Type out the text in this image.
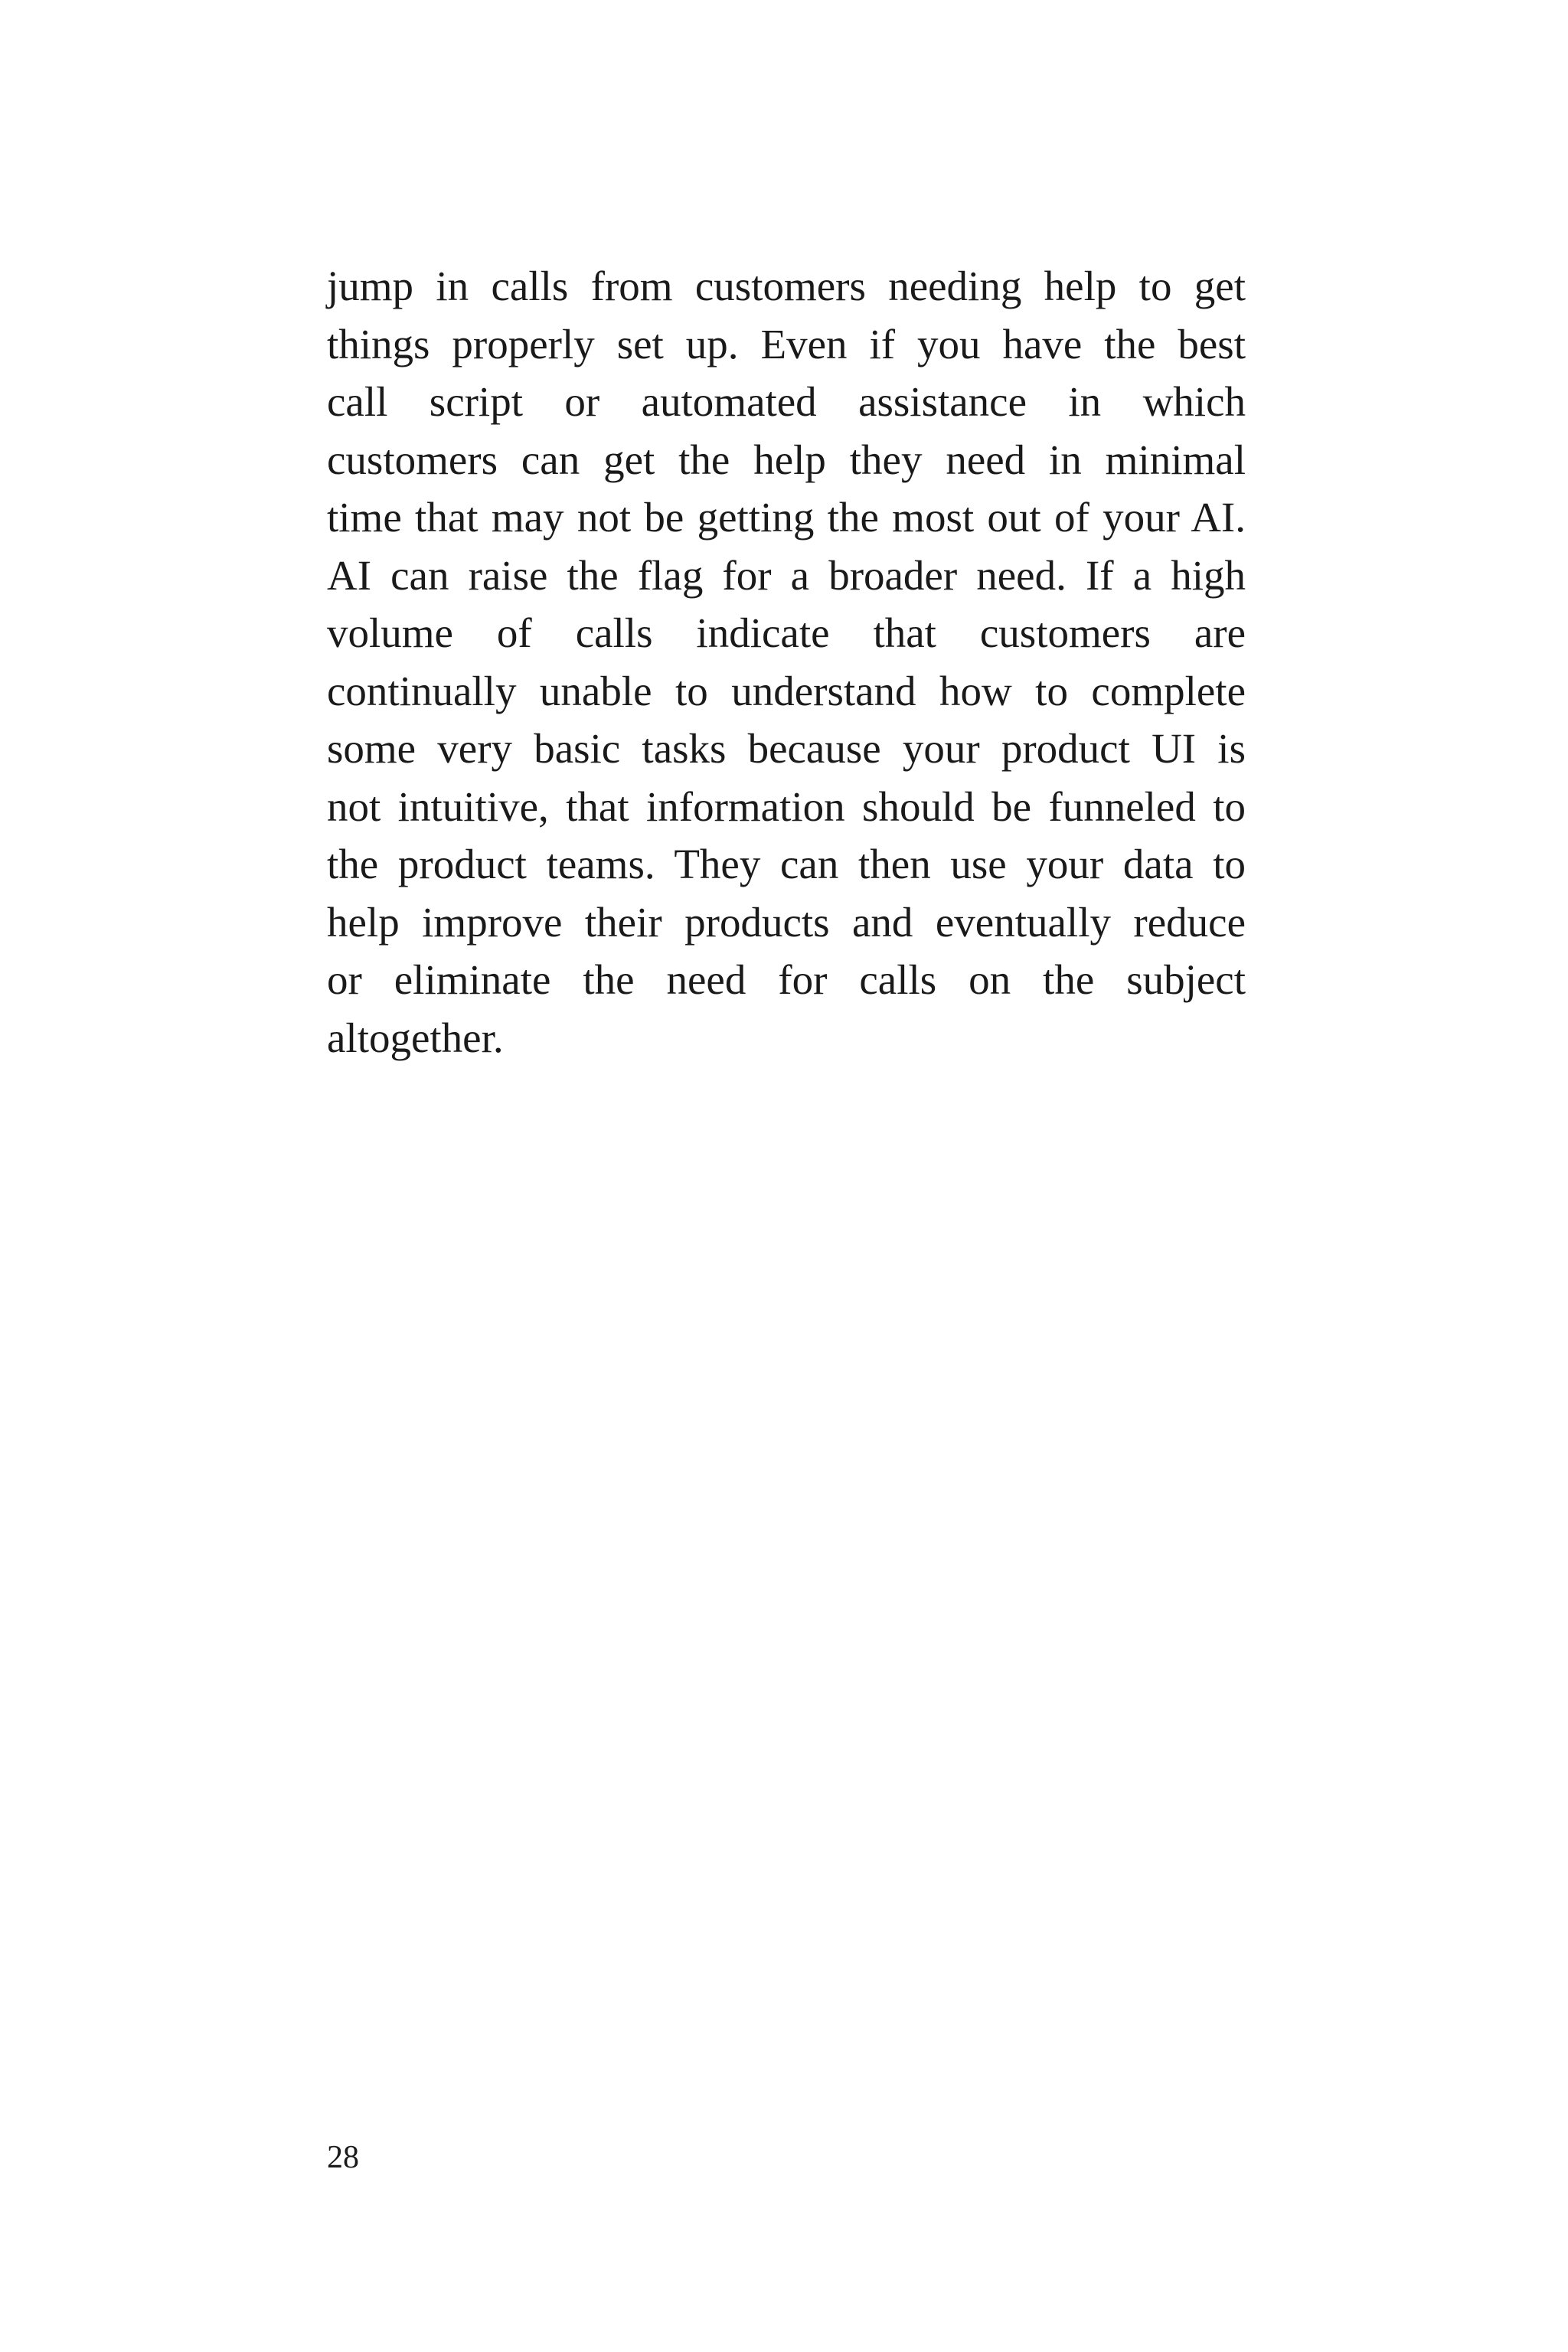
jump in calls from customers needing help to get
things properly set up. Even if you have the best
call script or automated assistance in which
customers can get the help they need in minimal
time that may not be getting the most out of your AI.
AI can raise the flag for a broader need. If a high
volume of calls indicate that customers are
continually unable to understand how to complete
some very basic tasks because your product UI is
not intuitive, that information should be funneled to
the product teams. They can then use your data to
help improve their products and eventually reduce
or eliminate the need for calls on the subject
altogether.
28
